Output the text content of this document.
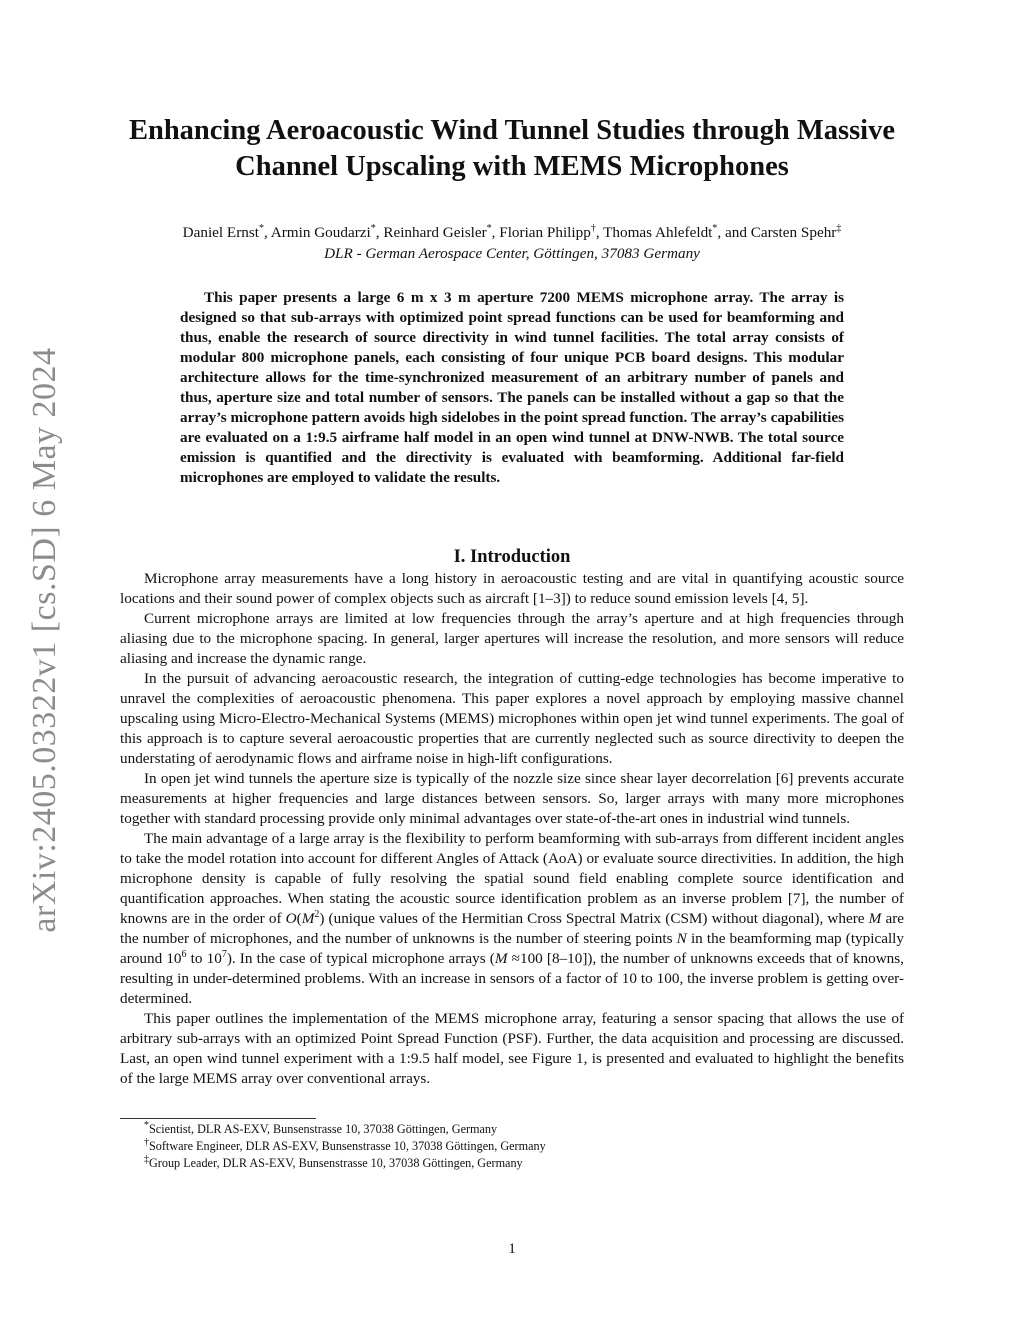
arXiv:2405.03322v1 [cs.SD] 6 May 2024
Enhancing Aeroacoustic Wind Tunnel Studies through Massive Channel Upscaling with MEMS Microphones
Daniel Ernst*, Armin Goudarzi*, Reinhard Geisler*, Florian Philipp†, Thomas Ahlefeldt*, and Carsten Spehr‡
DLR - German Aerospace Center, Göttingen, 37083 Germany

This paper presents a large 6 m x 3 m aperture 7200 MEMS microphone array. The array is designed so that sub-arrays with optimized point spread functions can be used for beamforming and thus, enable the research of source directivity in wind tunnel facilities. The total array consists of modular 800 microphone panels, each consisting of four unique PCB board designs. This modular architecture allows for the time-synchronized measurement of an arbitrary number of panels and thus, aperture size and total number of sensors. The panels can be installed without a gap so that the array’s microphone pattern avoids high sidelobes in the point spread function. The array’s capabilities are evaluated on a 1:9.5 airframe half model in an open wind tunnel at DNW-NWB. The total source emission is quantified and the directivity is evaluated with beamforming. Additional far-field microphones are employed to validate the results.

I. Introduction

Microphone array measurements have a long history in aeroacoustic testing and are vital in quantifying acoustic source locations and their sound power of complex objects such as aircraft [1–3]) to reduce sound emission levels [4, 5].

Current microphone arrays are limited at low frequencies through the array’s aperture and at high frequencies through aliasing due to the microphone spacing. In general, larger apertures will increase the resolution, and more sensors will reduce aliasing and increase the dynamic range.

In the pursuit of advancing aeroacoustic research, the integration of cutting-edge technologies has become imperative to unravel the complexities of aeroacoustic phenomena. This paper explores a novel approach by employing massive channel upscaling using Micro-Electro-Mechanical Systems (MEMS) microphones within open jet wind tunnel experiments. The goal of this approach is to capture several aeroacoustic properties that are currently neglected such as source directivity to deepen the understating of aerodynamic flows and airframe noise in high-lift configurations.

In open jet wind tunnels the aperture size is typically of the nozzle size since shear layer decorrelation [6] prevents accurate measurements at higher frequencies and large distances between sensors. So, larger arrays with many more microphones together with standard processing provide only minimal advantages over state-of-the-art ones in industrial wind tunnels.

The main advantage of a large array is the flexibility to perform beamforming with sub-arrays from different incident angles to take the model rotation into account for different Angles of Attack (AoA) or evaluate source directivities. In addition, the high microphone density is capable of fully resolving the spatial sound field enabling complete source identification and quantification approaches. When stating the acoustic source identification problem as an inverse problem [7], the number of knowns are in the order of $O(M^2)$ (unique values of the Hermitian Cross Spectral Matrix (CSM) without diagonal), where M are the number of microphones, and the number of unknowns is the number of steering points N in the beamforming map (typically around $10^6$ to $10^7$). In the case of typical microphone arrays (M ≈100 [8–10]), the number of unknowns exceeds that of knowns, resulting in under-determined problems. With an increase in sensors of a factor of 10 to 100, the inverse problem is getting over-determined.

This paper outlines the implementation of the MEMS microphone array, featuring a sensor spacing that allows the use of arbitrary sub-arrays with an optimized Point Spread Function (PSF). Further, the data acquisition and processing are discussed. Last, an open wind tunnel experiment with a 1:9.5 half model, see Figure 1, is presented and evaluated to highlight the benefits of the large MEMS array over conventional arrays.

*Scientist, DLR AS-EXV, Bunsenstrasse 10, 37038 Göttingen, Germany
†Software Engineer, DLR AS-EXV, Bunsenstrasse 10, 37038 Göttingen, Germany
‡Group Leader, DLR AS-EXV, Bunsenstrasse 10, 37038 Göttingen, Germany
1
